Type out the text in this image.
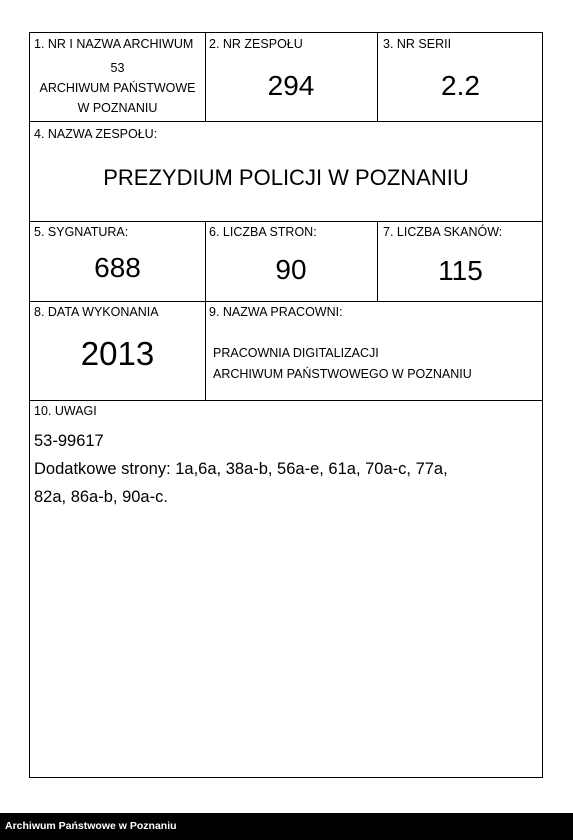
1. NR I NAZWA ARCHIWUM
53
ARCHIWUM PAŃSTWOWE
W POZNANIU
2. NR ZESPOŁU
294
3. NR SERII
2.2
4. NAZWA ZESPOŁU:
PREZYDIUM POLICJI W POZNANIU
5. SYGNATURA:
688
6. LICZBA STRON:
90
7. LICZBA SKANÓW:
115
8. DATA WYKONANIA
2013
9. NAZWA PRACOWNI:
PRACOWNIA DIGITALIZACJI
ARCHIWUM PAŃSTWOWEGO W POZNANIU
10. UWAGI
53-99617
Dodatkowe strony: 1a,6a, 38a-b, 56a-e, 61a, 70a-c, 77a,
82a, 86a-b, 90a-c.
Archiwum Państwowe w Poznaniu
